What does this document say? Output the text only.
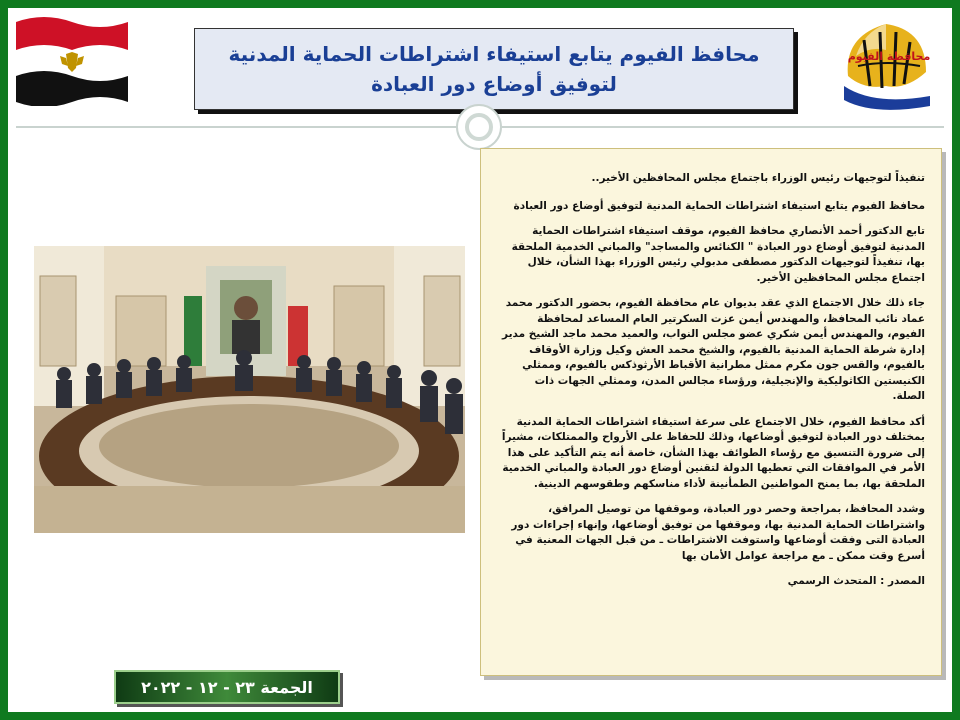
محافظ الفيوم يتابع استيفاء اشتراطات الحماية المدنية لتوفيق أوضاع دور العبادة
محافظة الفيوم

تنفيذاً لتوجيهات رئيس الوزراء باجتماع مجلس المحافظين الأخير..

محافظ الفيوم يتابع استيفاء اشتراطات الحماية المدنية لتوفيق أوضاع دور العبادة

تابع الدكتور أحمد الأنصاري محافظ الفيوم، موقف استيفاء اشتراطات الحماية المدنية لتوفيق أوضاع دور العبادة " الكنائس والمساجد" والمباني الخدمية الملحقة بها، تنفيذاً لتوجيهات الدكتور مصطفى مدبولي رئيس الوزراء بهذا الشأن، خلال اجتماع مجلس المحافظين الأخير.

جاء ذلك خلال الاجتماع الذي عقد بديوان عام محافظة الفيوم، بحضور الدكتور محمد عماد نائب المحافظ، والمهندس أيمن عزت السكرتير العام المساعد لمحافظة الفيوم، والمهندس أيمن شكري عضو مجلس النواب، والعميد محمد ماجد الشيخ مدير إدارة شرطة الحماية المدنية بالفيوم، والشيخ محمد العش وكيل وزارة الأوقاف بالفيوم، والقس جون مكرم ممثل مطرانية الأقباط الأرثوذكس بالفيوم، وممثلي الكنيستين الكاثوليكية والإنجيلية، ورؤساء مجالس المدن، وممثلي الجهات ذات الصلة.

أكد محافظ الفيوم، خلال الاجتماع على سرعة استيفاء اشتراطات الحماية المدنية بمختلف دور العبادة لتوفيق أوضاعها، وذلك للحفاظ على الأرواح والممتلكات، مشيراً إلى ضرورة التنسيق مع رؤساء الطوائف بهذا الشأن، خاصة أنه يتم التأكيد على هذا الأمر في الموافقات التي تعطيها الدولة لتقنين أوضاع دور العبادة والمباني الخدمية الملحقة بها، بما يمنح المواطنين الطمأنينة لأداء مناسكهم وطقوسهم الدينية.

وشدد المحافظ، بمراجعة وحصر دور العبادة، وموقفها من توصيل المرافق، واشتراطات الحماية المدنية بها، وموقفها من توفيق أوضاعها، وإنهاء إجراءات دور العبادة التى وفقت أوضاعها واستوفت الاشتراطات ـ من قبل الجهات المعنية في أسرع وقت ممكن ـ مع مراجعة عوامل الأمان بها

المصدر : المتحدث الرسمي

الجمعة ٢٣ - ١٢ - ٢٠٢٢
